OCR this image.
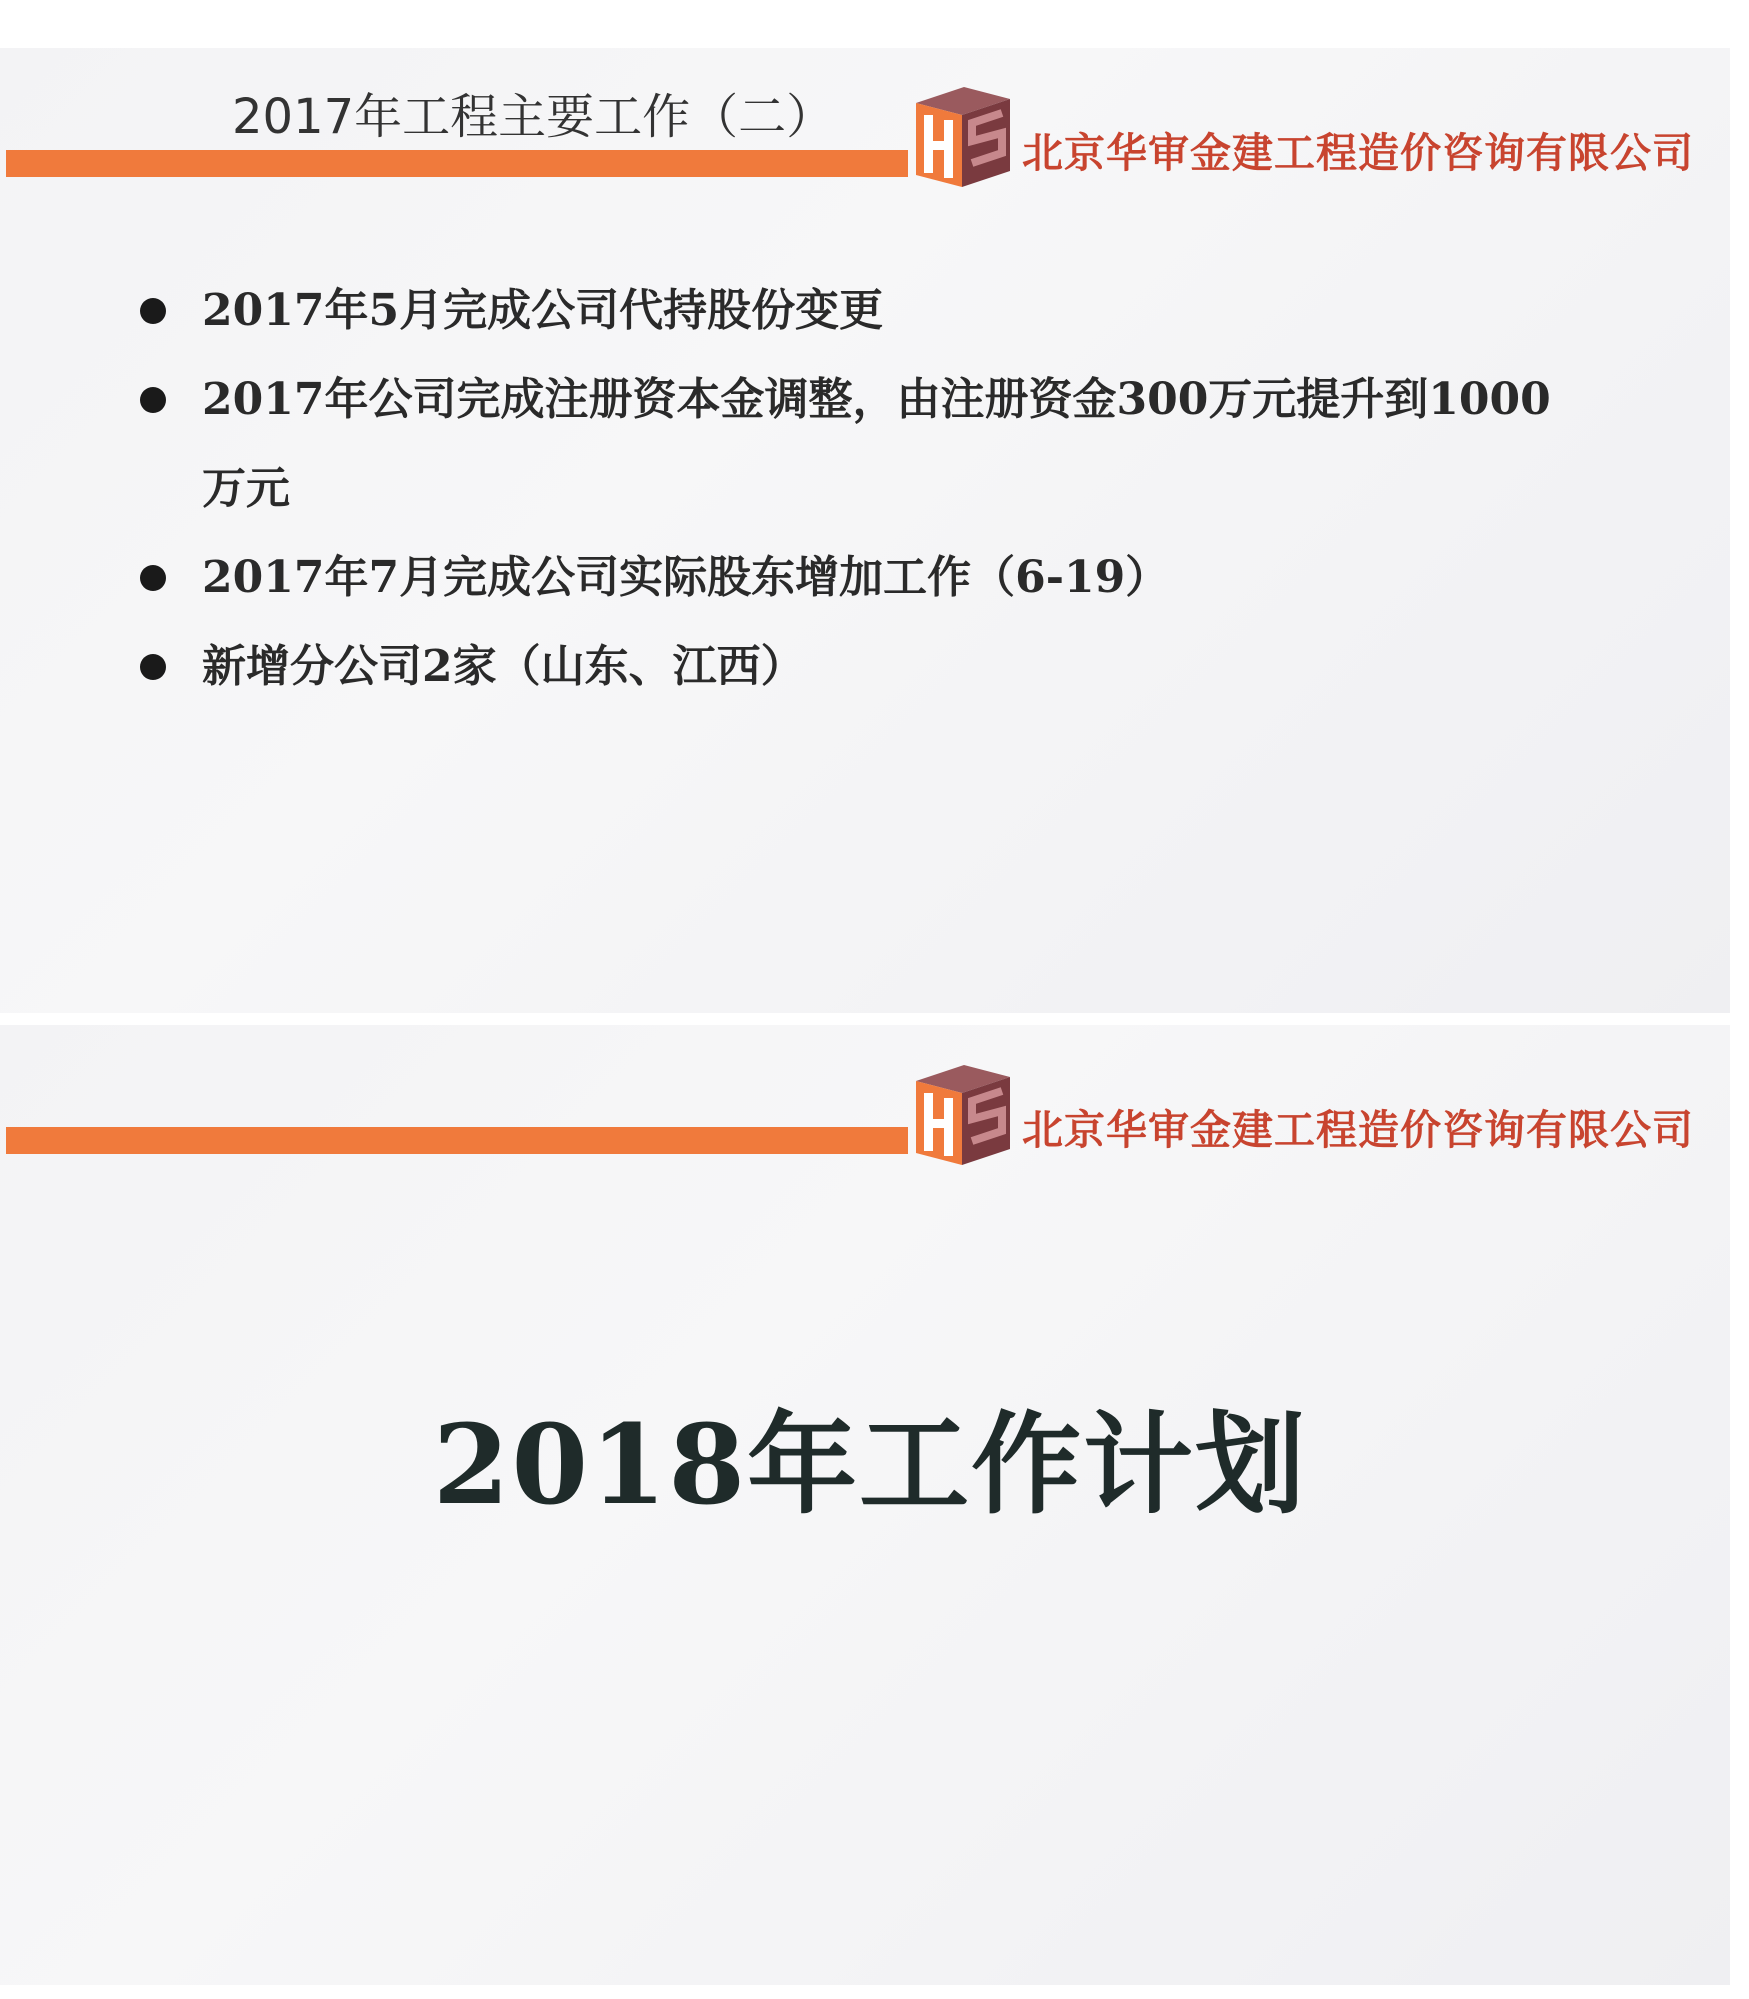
2017年工程主要工作（二）
北京华审金建工程造价咨询有限公司
2017年5月完成公司代持股份变更
2017年公司完成注册资本金调整，由注册资金300万元提升到1000万元
2017年7月完成公司实际股东增加工作（6-19）
新增分公司2家（山东、江西）
北京华审金建工程造价咨询有限公司
2018年工作计划
